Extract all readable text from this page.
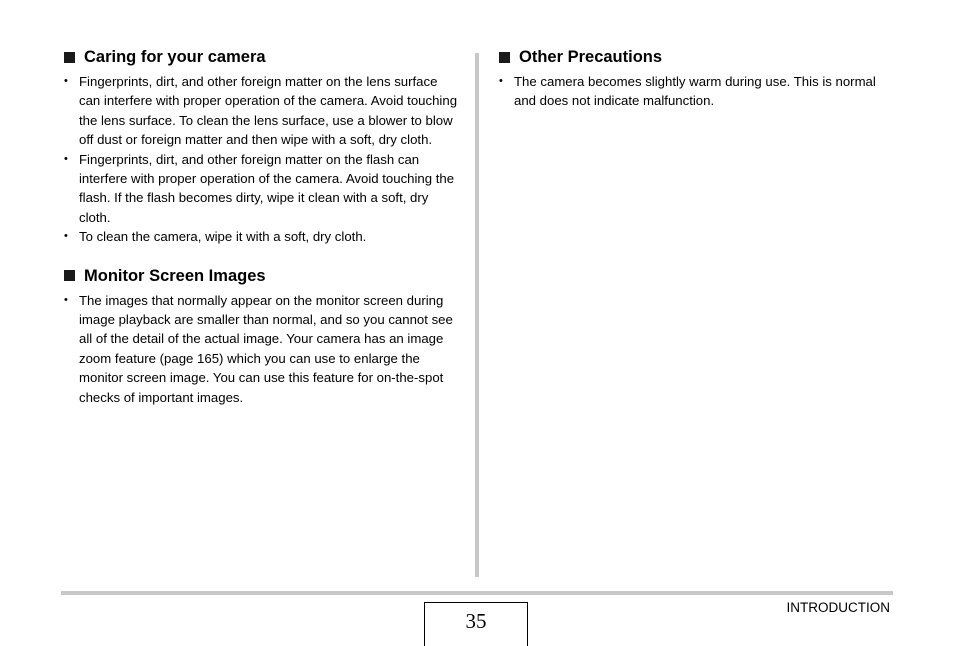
Caring for your camera
• Fingerprints, dirt, and other foreign matter on the lens surface can interfere with proper operation of the camera. Avoid touching the lens surface. To clean the lens surface, use a blower to blow off dust or foreign matter and then wipe with a soft, dry cloth.
• Fingerprints, dirt, and other foreign matter on the flash can interfere with proper operation of the camera. Avoid touching the flash. If the flash becomes dirty, wipe it clean with a soft, dry cloth.
• To clean the camera, wipe it with a soft, dry cloth.
Monitor Screen Images
• The images that normally appear on the monitor screen during image playback are smaller than normal, and so you cannot see all of the detail of the actual image. Your camera has an image zoom feature (page 165) which you can use to enlarge the monitor screen image. You can use this feature for on-the-spot checks of important images.
Other Precautions
• The camera becomes slightly warm during use. This is normal and does not indicate malfunction.
35
INTRODUCTION
